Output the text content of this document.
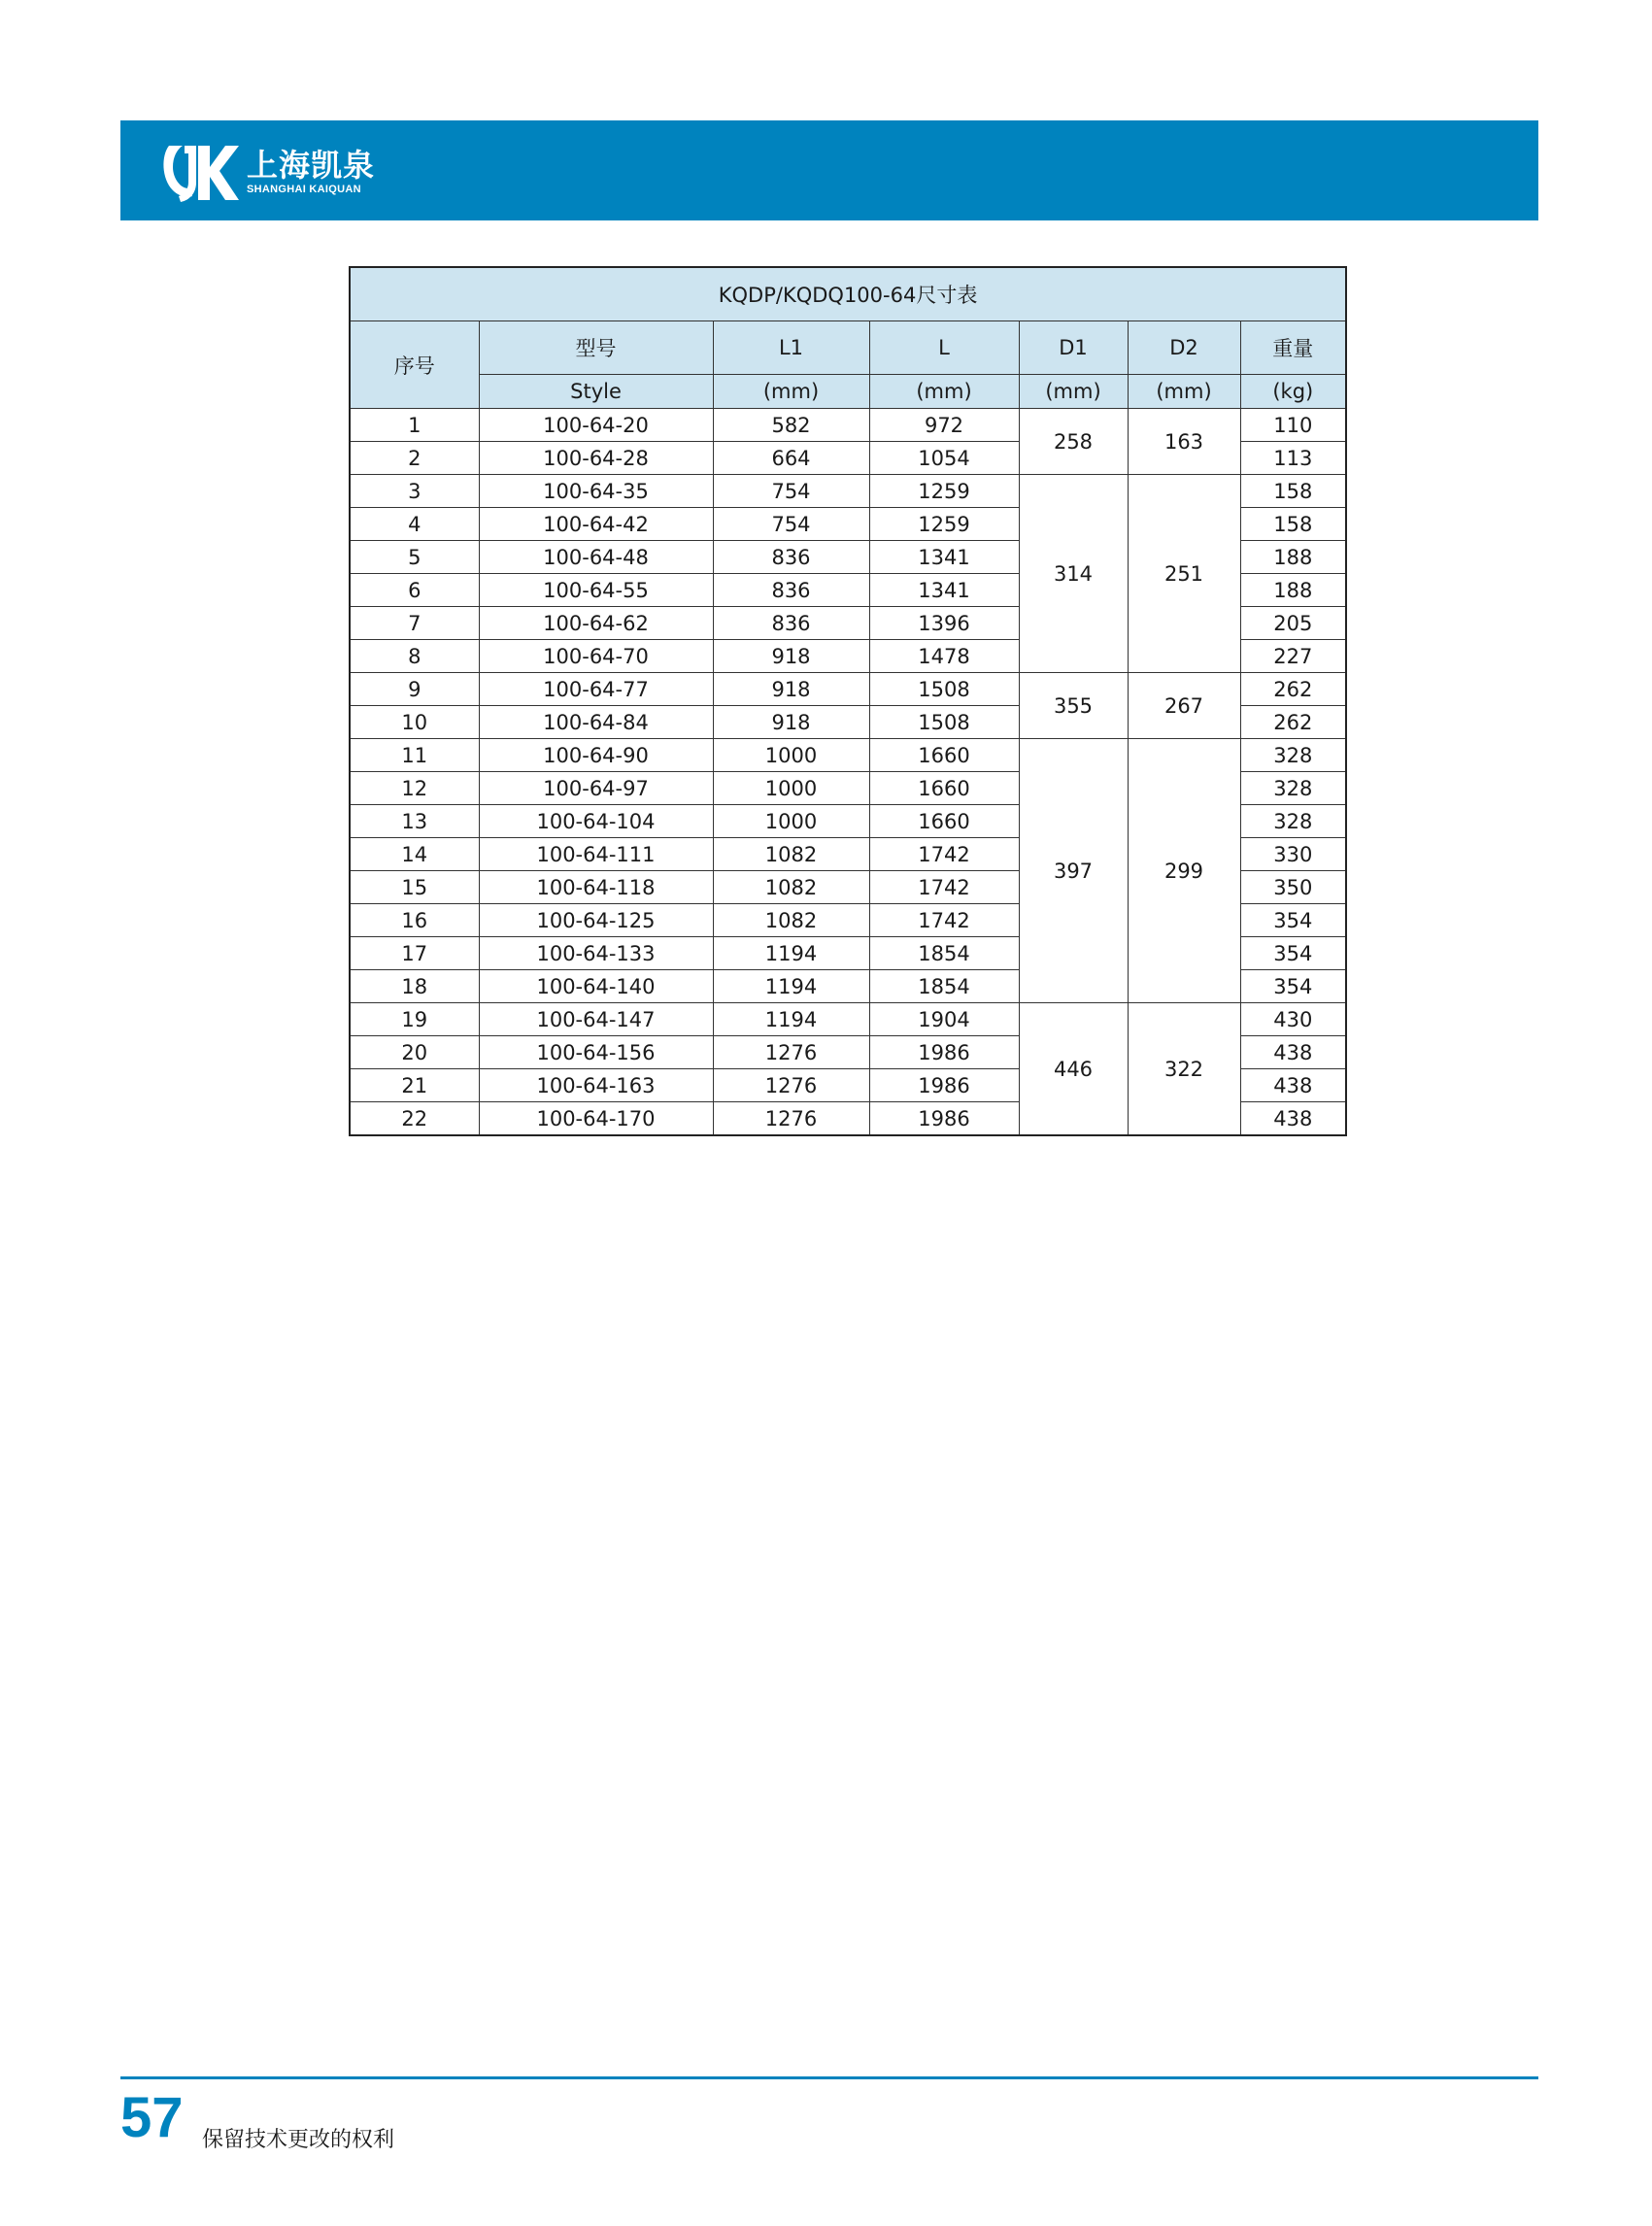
上海凯泉
SHANGHAI KAIQUAN
KQDP/KQDQ100-64尺寸表						
序号	型号	L1	L	D1	D2	重量
	Style	(mm)	(mm)	(mm)	(mm)	(kg)
1	100-64-20	582	972	258	163	110
2	100-64-28	664	1054			113
3	100-64-35	754	1259	314	251	158
4	100-64-42	754	1259			158
5	100-64-48	836	1341			188
6	100-64-55	836	1341			188
7	100-64-62	836	1396			205
8	100-64-70	918	1478			227
9	100-64-77	918	1508	355	267	262
10	100-64-84	918	1508			262
11	100-64-90	1000	1660	397	299	328
12	100-64-97	1000	1660			328
13	100-64-104	1000	1660			328
14	100-64-111	1082	1742			330
15	100-64-118	1082	1742			350
16	100-64-125	1082	1742			354
17	100-64-133	1194	1854			354
18	100-64-140	1194	1854			354
19	100-64-147	1194	1904	446	322	430
20	100-64-156	1276	1986			438
21	100-64-163	1276	1986			438
22	100-64-170	1276	1986			438
57 保留技术更改的权利
